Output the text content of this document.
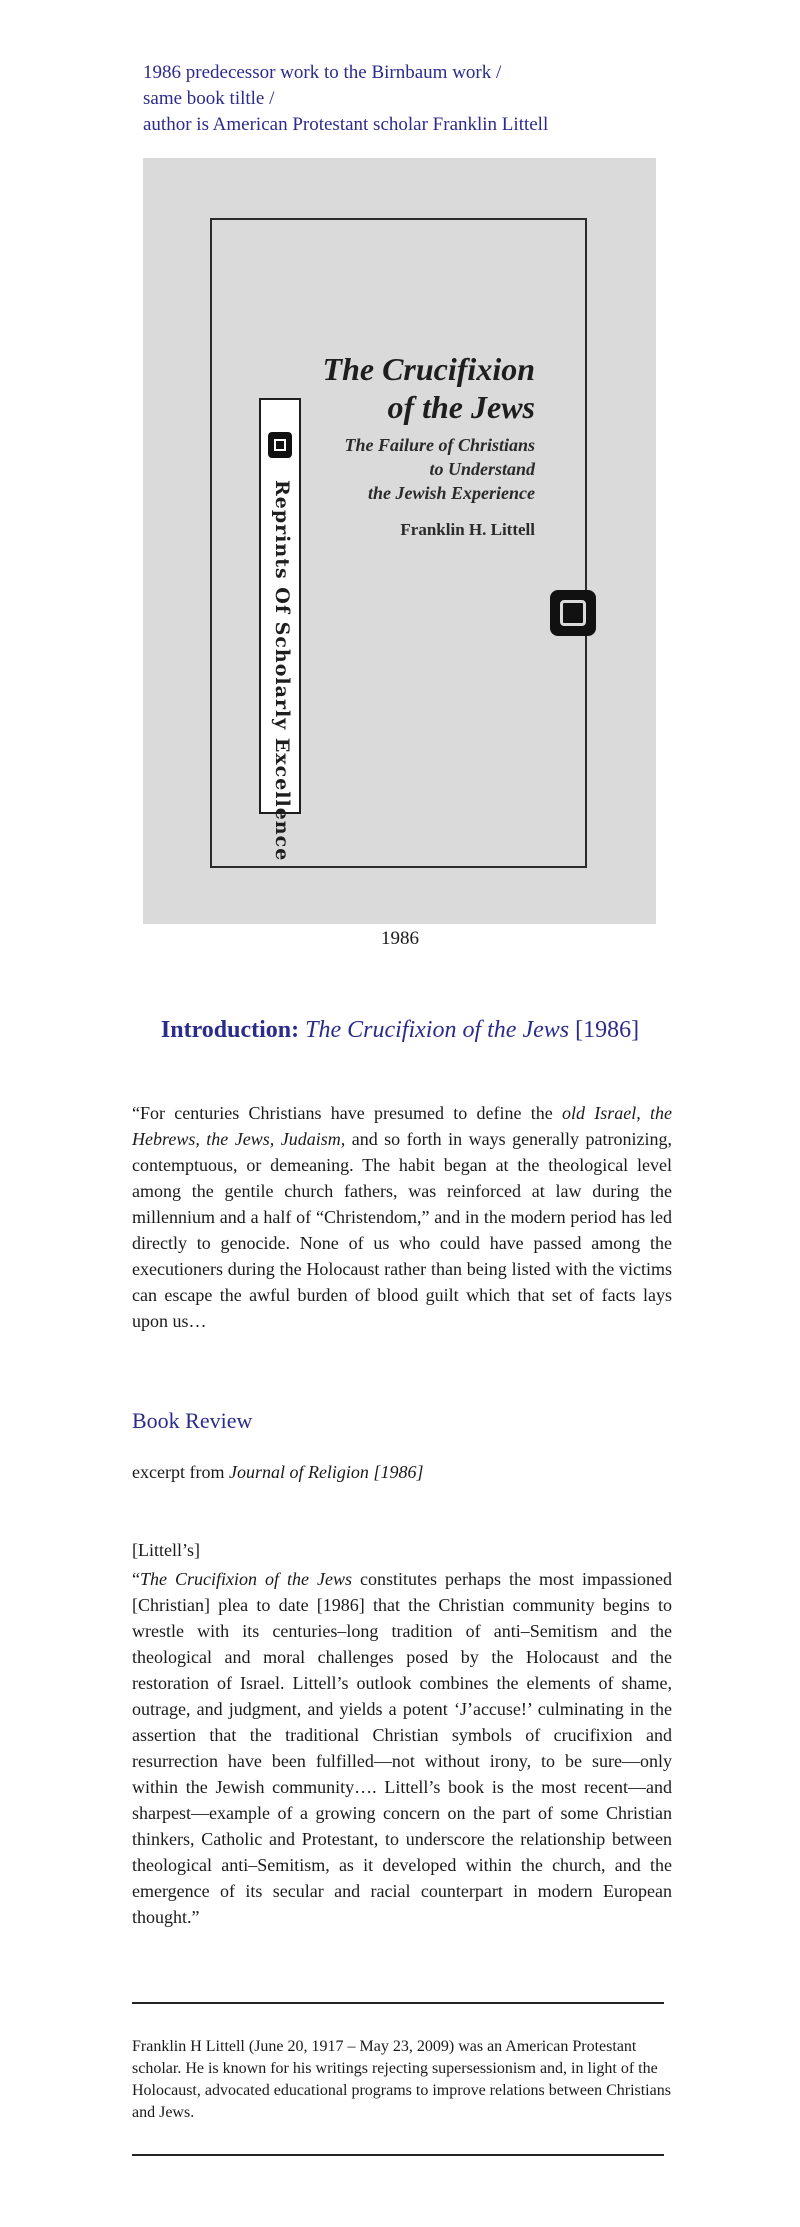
1986 predecessor work to the Birnbaum work /
same book tiltle /
author is American Protestant scholar Franklin Littell
The Crucifixion
of the Jews
The Failure of Christians
to Understand
the Jewish Experience
Franklin H. Littell
Reprints Of Scholarly Excellence
1986
Introduction: The Crucifixion of the Jews [1986]
“For centuries Christians have presumed to define the old Israel, the Hebrews, the Jews, Judaism, and so forth in ways generally patronizing, contemptuous, or demeaning. The habit began at the theological level among the gentile church fathers, was reinforced at law during the millennium and a half of “Christendom,” and in the modern period has led directly to genocide. None of us who could have passed among the executioners during the Holocaust rather than being listed with the victims can escape the awful burden of blood guilt which that set of facts lays upon us…
Book Review
excerpt from Journal of Religion [1986]
[Littell’s]
“The Crucifixion of the Jews constitutes perhaps the most impassioned [Christian] plea to date [1986] that the Christian community begins to wrestle with its centuries–long tradition of anti–Semitism and the theological and moral challenges posed by the Holocaust and the restoration of Israel. Littell’s outlook combines the elements of shame, outrage, and judgment, and yields a potent ‘J’accuse!’ culminating in the assertion that the traditional Christian symbols of crucifixion and resurrection have been fulfilled—not without irony, to be sure—only within the Jewish community…. Littell’s book is the most recent—and sharpest—example of a growing concern on the part of some Christian thinkers, Catholic and Protestant, to underscore the relationship between theological anti–Semitism, as it developed within the church, and the emergence of its secular and racial counterpart in modern European thought.”
Franklin H Littell (June 20, 1917 – May 23, 2009) was an American Protestant scholar. He is known for his writings rejecting supersessionism and, in light of the Holocaust, advocated educational programs to improve relations between Christians and Jews.
